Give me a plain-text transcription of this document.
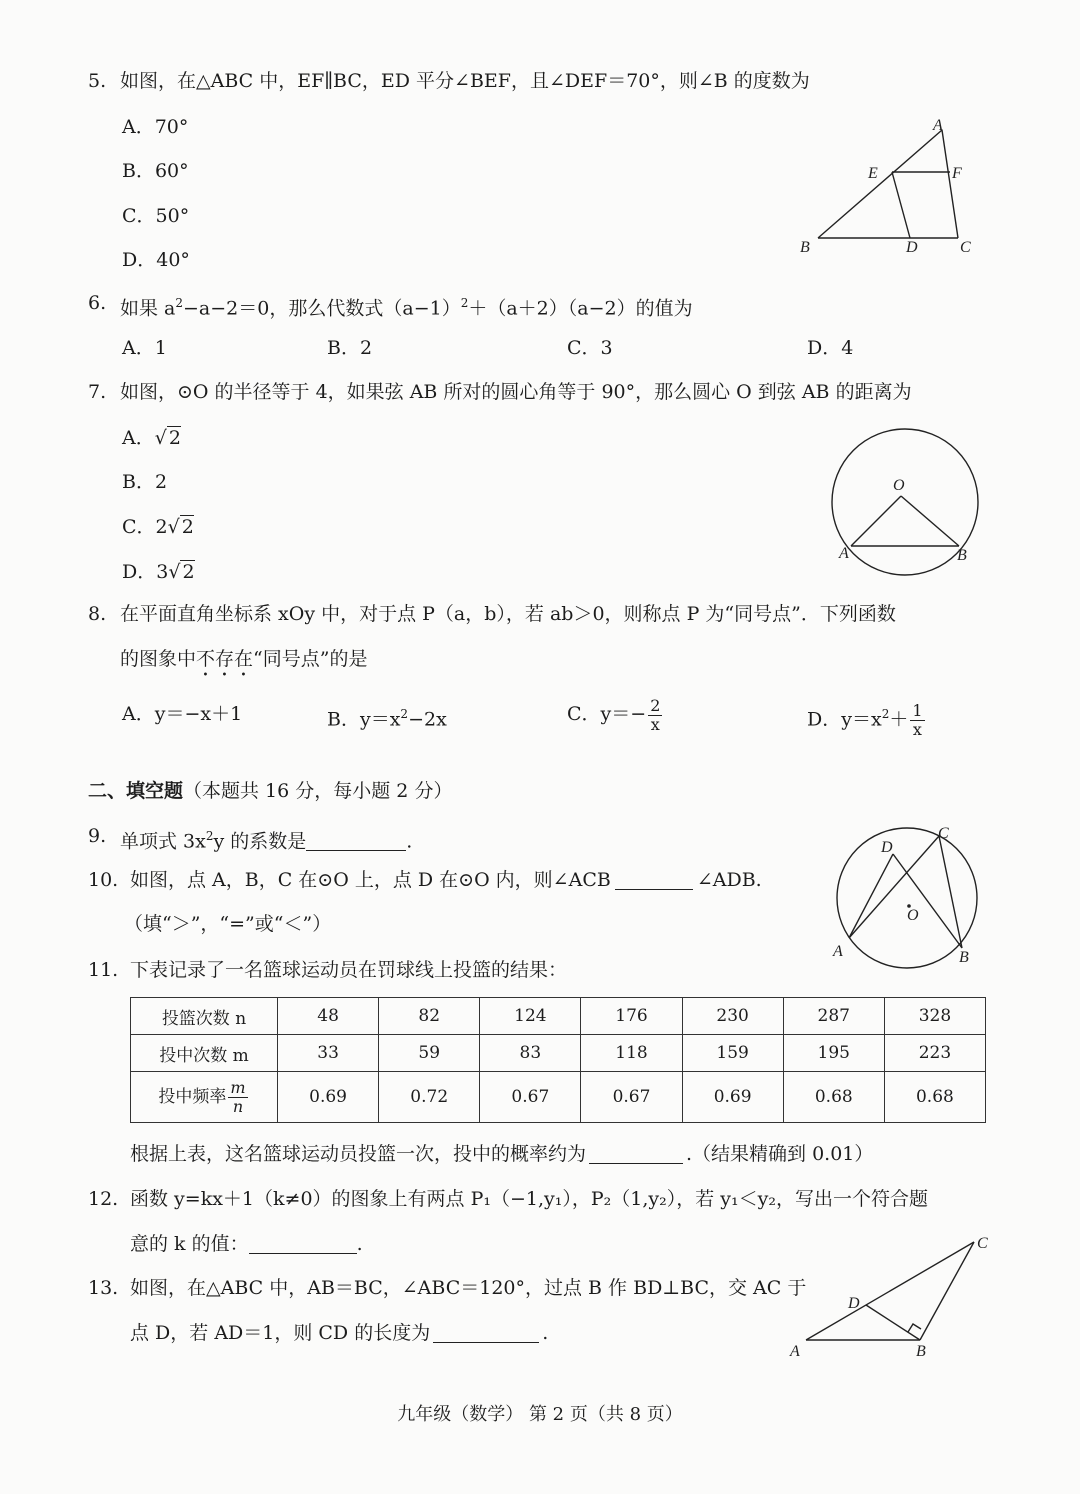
5. 如图，在△ABC 中，EF∥BC，ED 平分∠BEF，且∠DEF＝70°，则∠B 的度数为
A．70°
B．60°
C．50°
D．40°
A
E	F
B	D	C
6. 如果 $a^2-a-2=0$，那么代数式$(a-1)^2+(a+2)(a-2)$的值为
A．1	B．2	C．3	D．4
7. 如图，⊙O 的半径等于 4，如果弦 AB 所对的圆心角等于 90°，那么圆心 O 到弦 AB 的距离为
A．√ 2
B．2
C．2√ 2
D．3√ 2
O
A	B
8. 在平面直角坐标系 xOy 中，对于点 P（a，b），若 ab＞0，则称点 P 为“同号点”．下列函数
的图象中不存在“同号点”的是
A．y＝−x＋1	B．$y=x^2-2x$	C．$y=- \frac{2}{x}$	D．$y=x^2+ \frac{1}{x}$
二、填空题（本题共 16 分，每小题 2 分）
9. 单项式 $3x^2y$ 的系数是	.
10. 如图，点 A，B，C 在⊙O 上，点 D 在⊙O 内，则∠ACB	∠ADB.
（填“＞”，“=”或“＜”）
C
D
O
A	B
11. 下表记录了一名篮球运动员在罚球线上投篮的结果：
投篮次数 n	48	82	124	176	230	287	328
投中次数 m	33	59	83	118	159	195	223
投中频率 $\frac{m}{n}$	0.69	0.72	0.67	0.67	0.69	0.68	0.68
根据上表，这名篮球运动员投篮一次，投中的概率约为	.（结果精确到 0.01）
12. 函数 y=kx＋1（k≠0）的图象上有两点 P₁（−1,y₁），P₂（1,y₂），若 y₁＜y₂，写出一个符合题
意的 k 的值：	.
13. 如图，在△ABC 中，AB＝BC，∠ABC＝120°，过点 B 作 BD⊥BC，交 AC 于
点 D，若 AD＝1，则 CD 的长度为	.
C
D
A	B
九年级（数学） 第 2 页（共 8 页）
